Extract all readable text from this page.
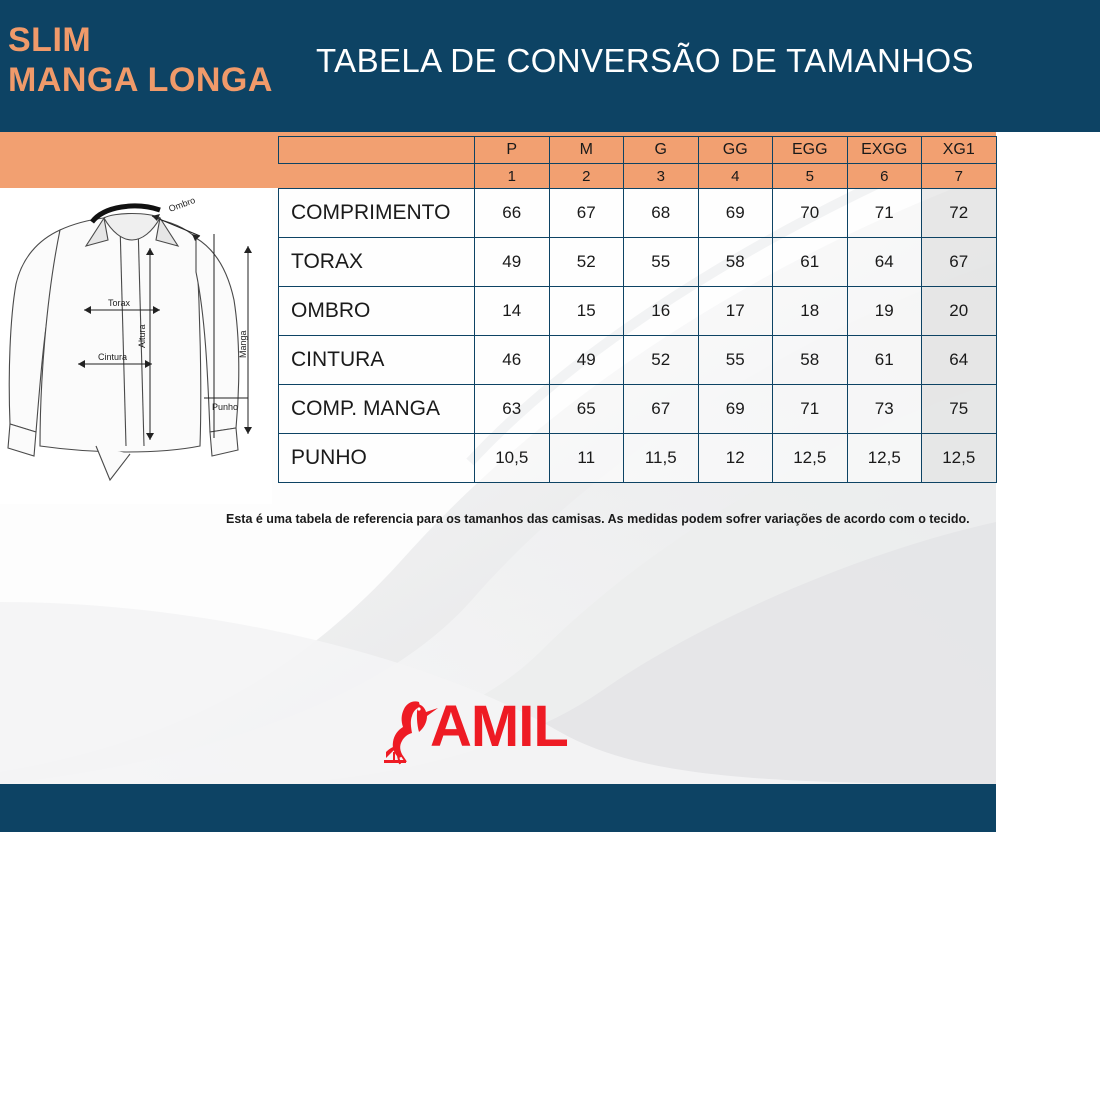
SLIM
MANGA LONGA
TABELA DE CONVERSÃO DE TAMANHOS
Ombro
Torax
Altura
Cintura	Manga
Punho
	P	M	G	GG	EGG	EXGG	XG1
	1	2	3	4	5	6	7
COMPRIMENTO	66	67	68	69	70	71	72
TORAX	49	52	55	58	61	64	67
OMBRO	14	15	16	17	18	19	20
CINTURA	46	49	52	55	58	61	64
COMP. MANGA	63	65	67	69	71	73	75
PUNHO	10,5	11	11,5	12	12,5	12,5	12,5
Esta é uma tabela de referencia para os tamanhos das camisas. As medidas podem sofrer variações de acordo com o tecido.
AMIL
